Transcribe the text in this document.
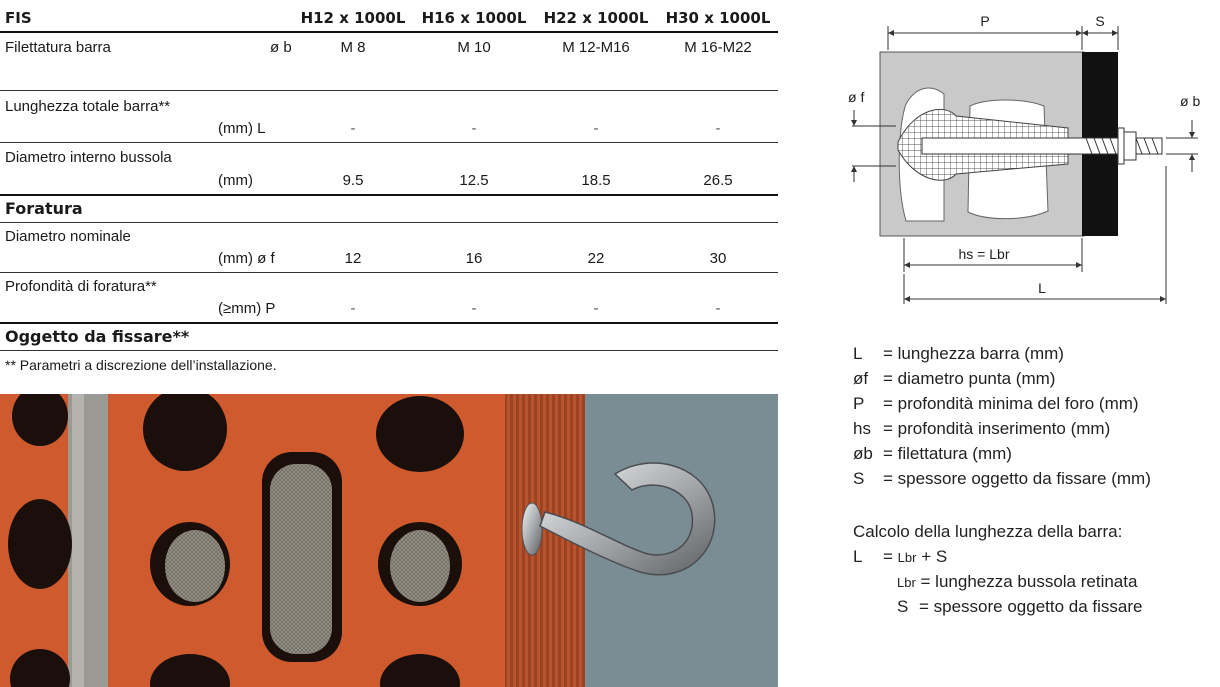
FIS	H12 x 1000L H16 x 1000L H22 x 1000L H30 x 1000L
Filettatura barra	ø b	M 8	M 10	M 12-M16	M 16-M22
Lunghezza totale barra**
(mm) L	-	-	-	-
Diametro interno bussola
(mm)	9.5	12.5	18.5	26.5
Foratura
Diametro nominale
(mm) ø f	12	16	22	30
Profondità di foratura**
(≥mm) P	-	-	-	-
Oggetto da fissare**
** Parametri a discrezione dell’installazione.
P	S
ø f	ø b
hs = Lbr
L
L = lunghezza barra (mm)
øf = diametro punta (mm)
P = profondità minima del foro (mm)
hs = profondità inserimento (mm)
øb = filettatura (mm)
S = spessore oggetto da fissare (mm)
Calcolo della lunghezza della barra:
L = Lbr + S
Lbr = lunghezza bussola retinata
S = spessore oggetto da fissare
